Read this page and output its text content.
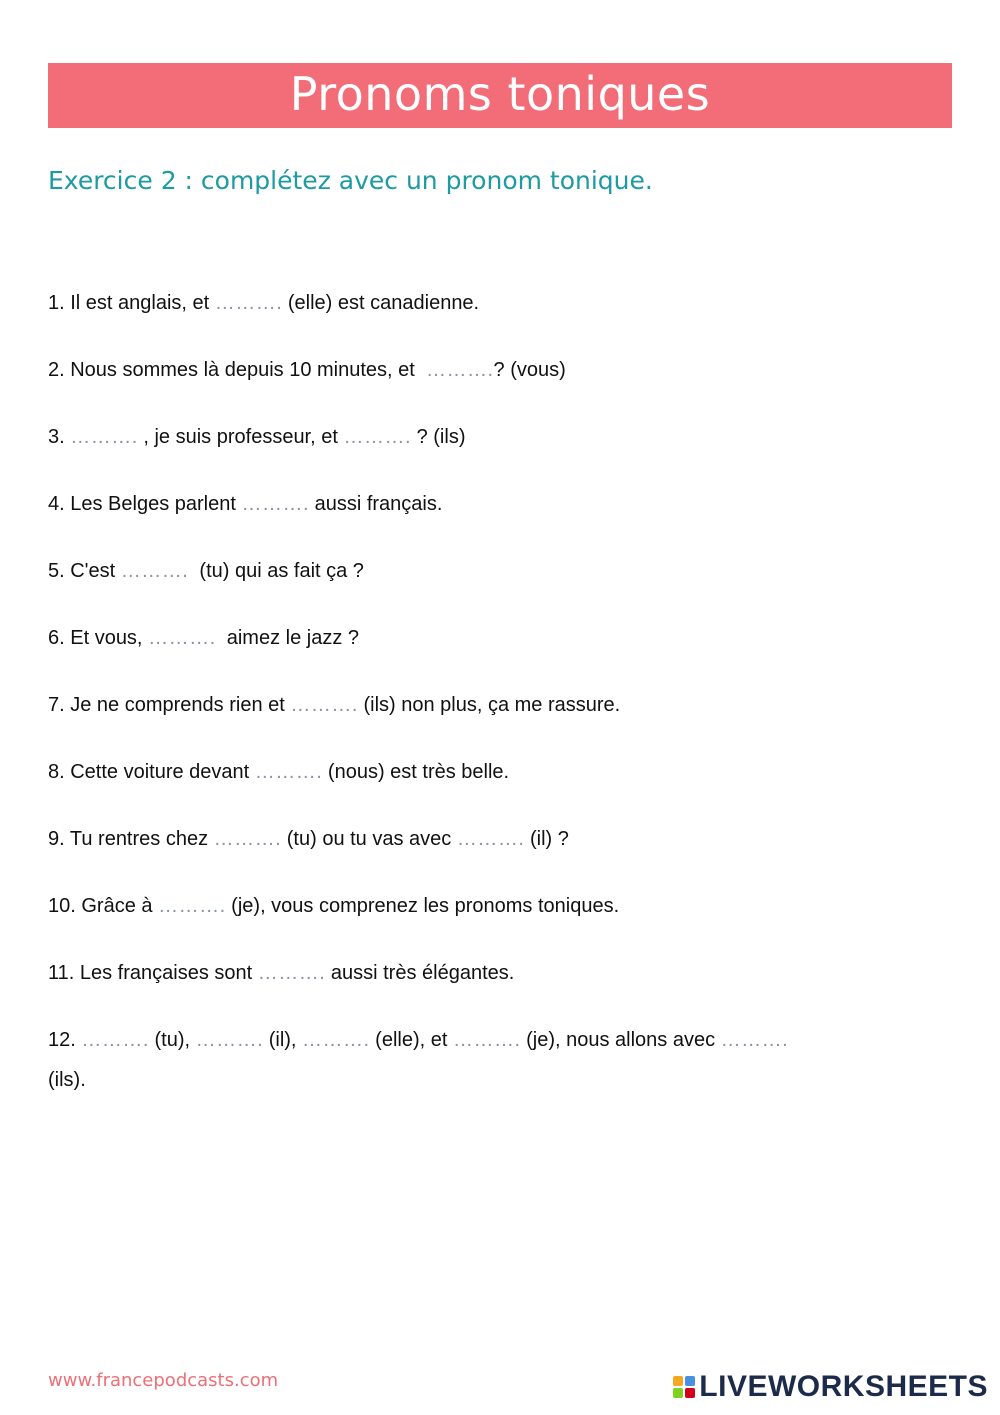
Pronoms toniques
Exercice 2 : complétez avec un pronom tonique.
1. Il est anglais, et ………. (elle) est canadienne.
2. Nous sommes là depuis 10 minutes, et  ……….? (vous)
3. ………. , je suis professeur, et ………. ? (ils)
4. Les Belges parlent ………. aussi français.
5. C'est ……….  (tu) qui as fait ça ?
6. Et vous, ……….  aimez le jazz ?
7. Je ne comprends rien et ………. (ils) non plus, ça me rassure.
8. Cette voiture devant ………. (nous) est très belle.
9. Tu rentres chez ………. (tu) ou tu vas avec ………. (il) ?
10. Grâce à ………. (je), vous comprenez les pronoms toniques.
11. Les françaises sont ………. aussi très élégantes.
12. ………. (tu), ………. (il), ………. (elle), et ………. (je), nous allons avec ………. (ils).
www.francepodcasts.com	LIVEWORKSHEETS
